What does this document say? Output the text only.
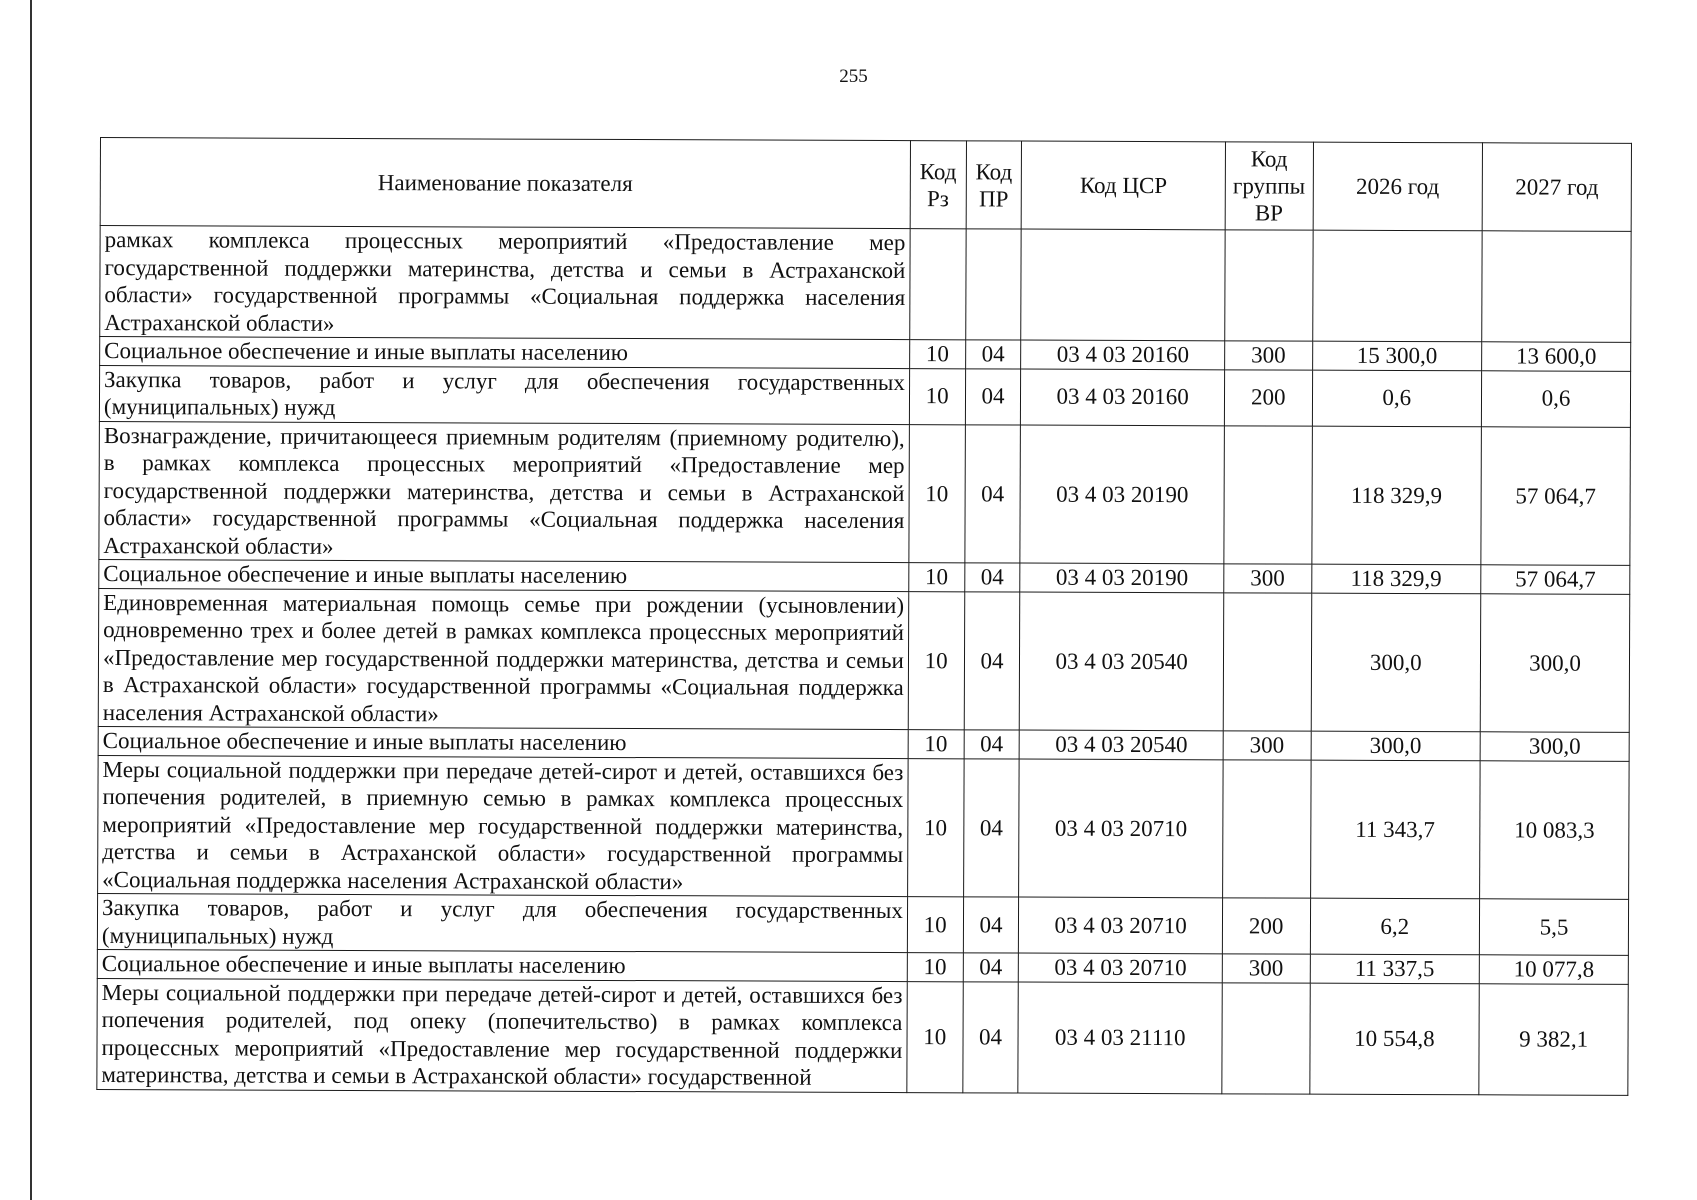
255
Наименование показателя	Код Рз	Код ПР	Код ЦСР	Код группы ВР	2026 год	2027 год
рамках комплекса процессных мероприятий «Предоставление мер государственной поддержки материнства, детства и семьи в Астраханской области» государственной программы «Социальная поддержка населения Астраханской области»						
Социальное обеспечение и иные выплаты населению	10	04	03 4 03 20160	300	15 300,0	13 600,0
Закупка товаров, работ и услуг для обеспечения государственных (муниципальных) нужд	10	04	03 4 03 20160	200	0,6	0,6
Вознаграждение, причитающееся приемным родителям (приемному родителю), в рамках комплекса процессных мероприятий «Предоставление мер государственной поддержки материнства, детства и семьи в Астраханской области» государственной программы «Социальная поддержка населения Астраханской области»	10	04	03 4 03 20190		118 329,9	57 064,7
Социальное обеспечение и иные выплаты населению	10	04	03 4 03 20190	300	118 329,9	57 064,7
Единовременная материальная помощь семье при рождении (усыновлении) одновременно трех и более детей в рамках комплекса процессных мероприятий «Предоставление мер государственной поддержки материнства, детства и семьи в Астраханской области» государственной программы «Социальная поддержка населения Астраханской области»	10	04	03 4 03 20540		300,0	300,0
Социальное обеспечение и иные выплаты населению	10	04	03 4 03 20540	300	300,0	300,0
Меры социальной поддержки при передаче детей-сирот и детей, оставшихся без попечения родителей, в приемную семью в рамках комплекса процессных мероприятий «Предоставление мер государственной поддержки материнства, детства и семьи в Астраханской области» государственной программы «Социальная поддержка населения Астраханской области»	10	04	03 4 03 20710		11 343,7	10 083,3
Закупка товаров, работ и услуг для обеспечения государственных (муниципальных) нужд	10	04	03 4 03 20710	200	6,2	5,5
Социальное обеспечение и иные выплаты населению	10	04	03 4 03 20710	300	11 337,5	10 077,8
Меры социальной поддержки при передаче детей-сирот и детей, оставшихся без попечения родителей, под опеку (попечительство) в рамках комплекса процессных мероприятий «Предоставление мер государственной поддержки материнства, детства и семьи в Астраханской области» государственной	10	04	03 4 03 21110		10 554,8	9 382,1
